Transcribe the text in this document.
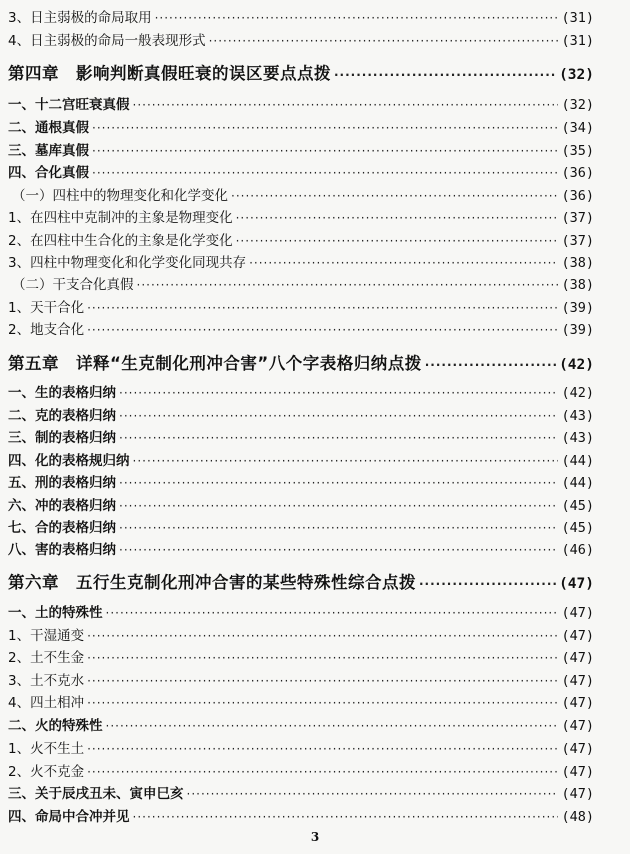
3、日主弱极的命局取用 ·····	(31)
4、日主弱极的命局一般表现形式 ·····	(31)
第四章　影响判断真假旺衰的误区要点点拨 ·····	(32)
一、十二宫旺衰真假 ·····	(32)
二、通根真假 ·····	(34)
三、墓库真假 ·····	(35)
四、合化真假 ·····	(36)
（一）四柱中的物理变化和化学变化 ·····	(36)
1、在四柱中克制冲的主象是物理变化 ·····	(37)
2、在四柱中生合化的主象是化学变化 ·····	(37)
3、四柱中物理变化和化学变化同现共存 ·····	(38)
（二）干支合化真假 ·····	(38)
1、天干合化 ·····	(39)
2、地支合化 ·····	(39)
第五章　详释“生克制化刑冲合害”八个字表格归纳点拨 ·····	(42)
一、生的表格归纳 ·····	(42)
二、克的表格归纳 ·····	(43)
三、制的表格归纳 ·····	(43)
四、化的表格规归纳 ·····	(44)
五、刑的表格归纳 ·····	(44)
六、冲的表格归纳 ·····	(45)
七、合的表格归纳 ·····	(45)
八、害的表格归纳 ·····	(46)
第六章　五行生克制化刑冲合害的某些特殊性综合点拨 ·····	(47)
一、土的特殊性 ·····	(47)
1、干湿通变 ·····	(47)
2、土不生金 ·····	(47)
3、土不克水 ·····	(47)
4、四土相冲 ·····	(47)
二、火的特殊性 ·····	(47)
1、火不生土 ·····	(47)
2、火不克金 ·····	(47)
三、关于辰戌丑未、寅申巳亥 ·····	(47)
四、命局中合冲并见 ·····	(48)
3
